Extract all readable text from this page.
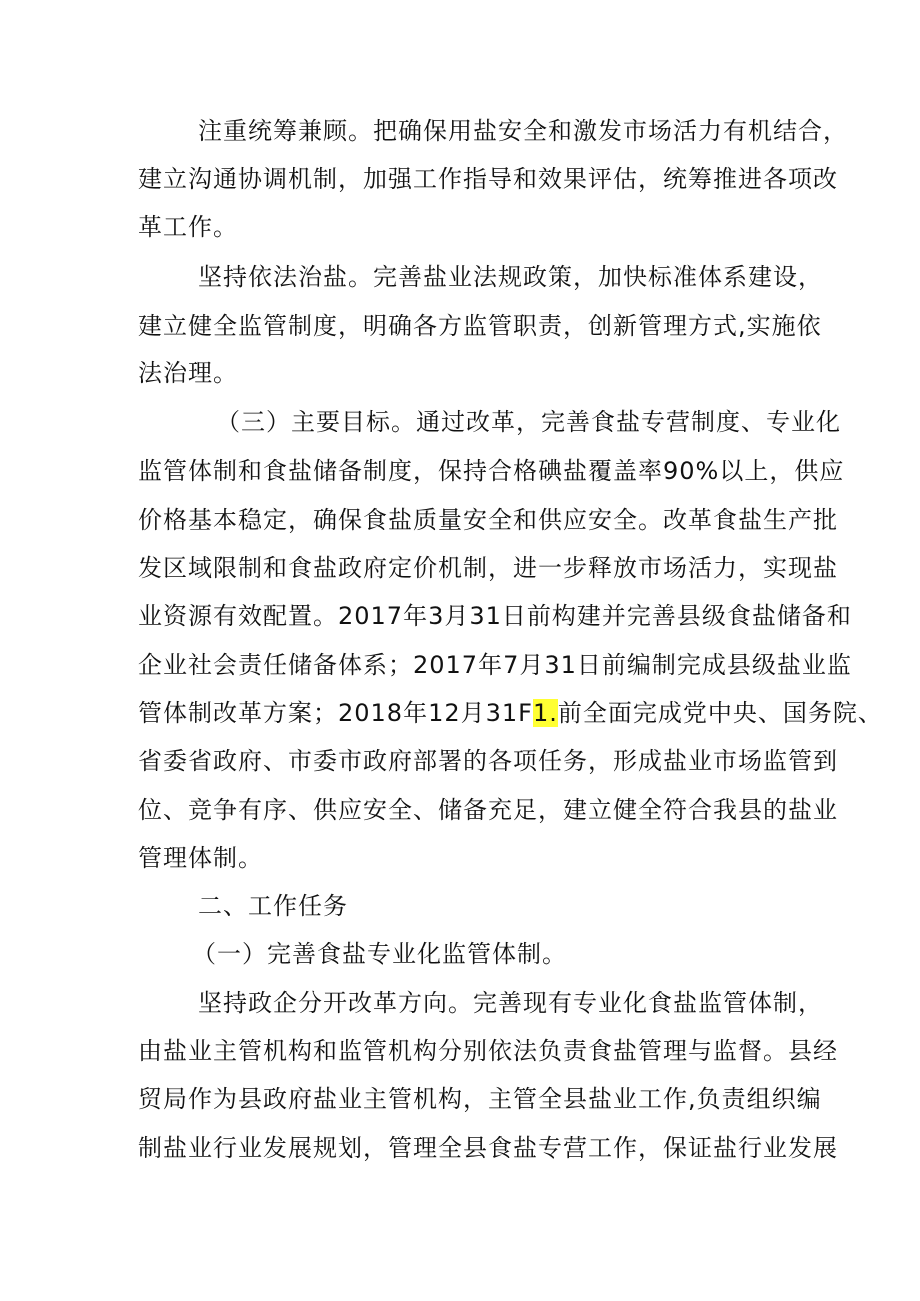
注重统筹兼顾。把确保用盐安全和激发市场活力有机结合，
建立沟通协调机制，加强工作指导和效果评估，统筹推进各项改
革工作。
坚持依法治盐。完善盐业法规政策，加快标准体系建设，
建立健全监管制度，明确各方监管职责，创新管理方式,实施依
法治理。
（三）主要目标。通过改革，完善食盐专营制度、专业化
监管体制和食盐储备制度，保持合格碘盐覆盖率90%以上，供应
价格基本稳定，确保食盐质量安全和供应安全。改革食盐生产批
发区域限制和食盐政府定价机制，进一步释放市场活力，实现盐
业资源有效配置。2017年3月31日前构建并完善县级食盐储备和
企业社会责任储备体系；2017年7月31日前编制完成县级盐业监
管体制改革方案；2018年12月31F1.前全面完成党中央、国务院、
省委省政府、市委市政府部署的各项任务，形成盐业市场监管到
位、竞争有序、供应安全、储备充足，建立健全符合我县的盐业
管理体制。
二、工作任务
（一）完善食盐专业化监管体制。
坚持政企分开改革方向。完善现有专业化食盐监管体制，
由盐业主管机构和监管机构分别依法负责食盐管理与监督。县经
贸局作为县政府盐业主管机构，主管全县盐业工作,负责组织编
制盐业行业发展规划，管理全县食盐专营工作，保证盐行业发展
